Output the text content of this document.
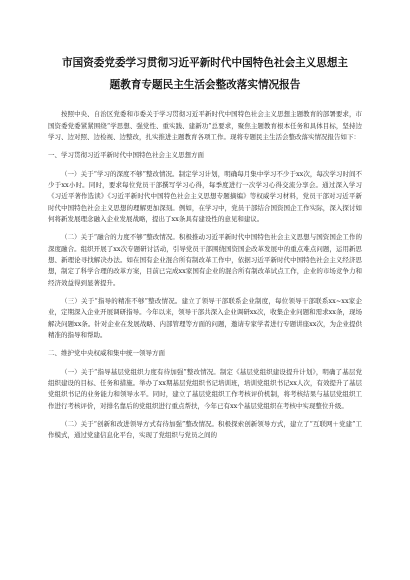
市国资委党委学习贯彻习近平新时代中国特色社会主义思想主
题教育专题民主生活会整改落实情况报告

按照中央、自治区党委和市委关于学习贯彻习近平新时代中国特色社会主义思想主题教育的部署要求，市国资委党委紧紧围绕“学思想、强党性、重实践、建新功”总要求，聚焦主题教育根本任务和具体目标，坚持边学习、边对照、边检视、边整改，扎实推进主题教育各项工作。现将专题民主生活会整改落实情况报告如下：

一、学习贯彻习近平新时代中国特色社会主义思想方面

（一）关于“学习的深度不够”整改情况。制定学习计划，明确每月集中学习不少于xx次，每次学习时间不少于xx小时。同时，要求每位党员干部撰写学习心得，每季度进行一次学习心得交流分享会。通过深入学习《习近平著作选读》《习近平新时代中国特色社会主义思想专题摘编》等权威学习材料，党员干部对习近平新时代中国特色社会主义思想的理解更加深刻。例如，在学习中，党员干部结合国资国企工作实际，深入探讨如何将新发展理念融入企业发展战略，提出了xx条具有建设性的意见和建议。

（二）关于“融合的力度不够”整改情况。积极推动习近平新时代中国特色社会主义思想与国资国企工作的深度融合。组织开展了xx次专题研讨活动，引导党员干部围绕国资国企改革发展中的重点难点问题，运用新思想、新理论寻找解决办法。如在国有企业混合所有制改革工作中，依据习近平新时代中国特色社会主义经济思想，制定了科学合理的改革方案，目前已完成xx家国有企业的混合所有制改革试点工作，企业的市场竞争力和经济效益得到显著提升。

（三）关于“指导的精准不够”整改情况。建立了领导干部联系企业制度，每位领导干部联系xx~xx家企业，定期深入企业开展调研指导。今年以来，领导干部共深入企业调研xx次，收集企业问题和需求xx条，现场解决问题xx条。针对企业在发展战略、内部管理等方面的问题，邀请专家学者进行专题讲座xx次，为企业提供精准的指导和帮助。

二、维护党中央权威和集中统一领导方面

（一）关于“指导基层党组织力度有待加强”整改情况。制定《基层党组织建设提升计划》，明确了基层党组织建设的目标、任务和措施。举办了xx期基层党组织书记培训班，培训党组织书记xx人次，有效提升了基层党组织书记的业务能力和领导水平。同时，建立了基层党组织工作考核评价机制，将考核结果与基层党组织工作进行考核评价，对排名靠后的党组织进行重点帮扶，今年已有xx个基层党组织在考核中实现整位升级。

（二）关于“创新和改进领导方式有待加强”整改情况。积极探索创新领导方式，建立了“互联网＋党建”工作模式，通过党建信息化平台，实现了党组织与党员之间的
